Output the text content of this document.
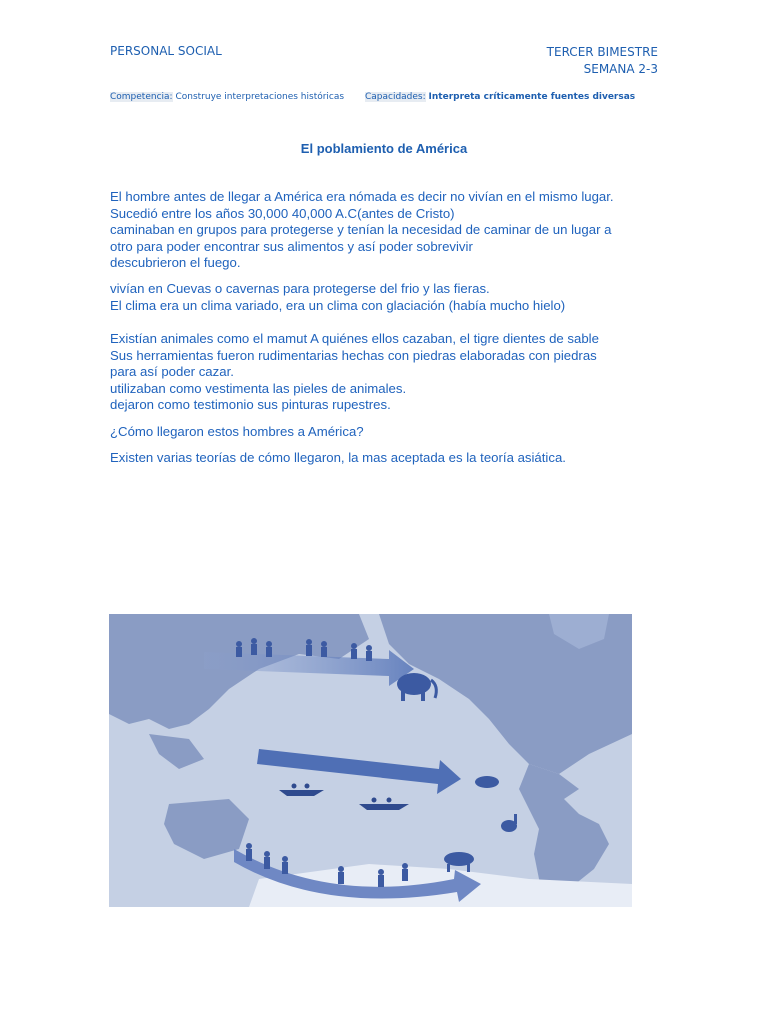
PERSONAL SOCIAL	TERCER BIMESTRE
SEMANA 2-3
Competencia: Construye interpretaciones históricas Capacidades: Interpreta críticamente fuentes diversas
El poblamiento de América
El hombre antes de llegar a América era nómada es decir no vivían en el mismo lugar.
Sucedió entre los años 30,000 40,000 A.C(antes de Cristo)
caminaban en grupos para protegerse y tenían la necesidad de caminar de un lugar a
otro para poder encontrar sus alimentos y así poder sobrevivir
descubrieron el fuego.
vivían en Cuevas o cavernas para protegerse del frio y las fieras.
El clima era un clima variado, era un clima con glaciación (había mucho hielo)
Existían animales como el mamut A quiénes ellos cazaban, el tigre dientes de sable
Sus herramientas fueron rudimentarias hechas con piedras elaboradas con piedras
para así poder cazar.
utilizaban como vestimenta las pieles de animales.
dejaron como testimonio sus pinturas rupestres.
¿Cómo llegaron estos hombres a América?
Existen varias teorías de cómo llegaron, la mas aceptada es la teoría asiática.
